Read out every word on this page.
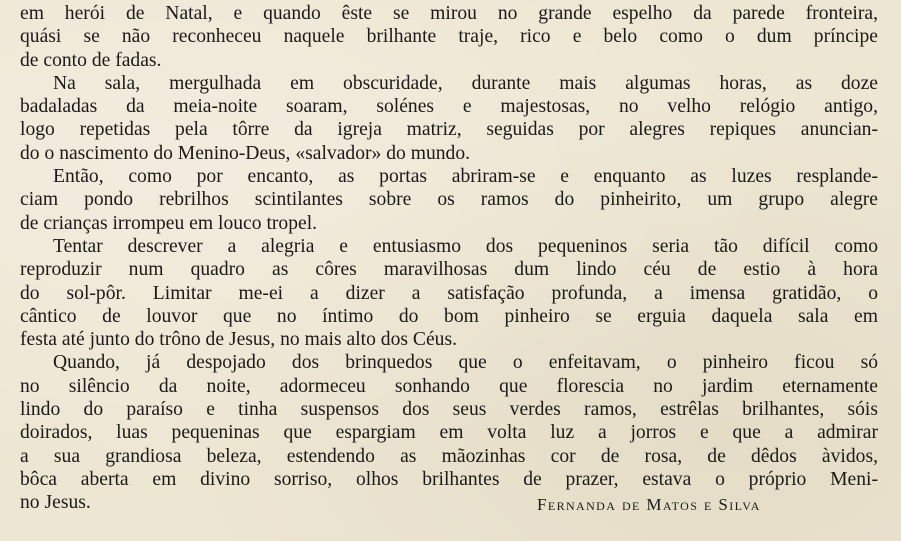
em herói de Natal, e quando êste se mirou no grande espelho da parede fronteira,
quási se não reconheceu naquele brilhante traje, rico e belo como o dum príncipe
de conto de fadas.
Na sala, mergulhada em obscuridade, durante mais algumas horas, as doze
badaladas da meia-noite soaram, solénes e majestosas, no velho relógio antigo,
logo repetidas pela tôrre da igreja matriz, seguidas por alegres repiques anuncian-
do o nascimento do Menino-Deus, «salvador» do mundo.
Então, como por encanto, as portas abriram-se e enquanto as luzes resplande-
ciam pondo rebrilhos scintilantes sobre os ramos do pinheirito, um grupo alegre
de crianças irrompeu em louco tropel.
Tentar descrever a alegria e entusiasmo dos pequeninos seria tão difícil como
reproduzir num quadro as côres maravilhosas dum lindo céu de estio à hora
do sol-pôr. Limitar me-ei a dizer a satisfação profunda, a imensa gratidão, o
cântico de louvor que no íntimo do bom pinheiro se erguia daquela sala em
festa até junto do trôno de Jesus, no mais alto dos Céus.
Quando, já despojado dos brinquedos que o enfeitavam, o pinheiro ficou só
no silêncio da noite, adormeceu sonhando que florescia no jardim eternamente
lindo do paraíso e tinha suspensos dos seus verdes ramos, estrêlas brilhantes, sóis
doirados, luas pequeninas que espargiam em volta luz a jorros e que a admirar
a sua grandiosa beleza, estendendo as mãozinhas cor de rosa, de dêdos àvidos,
bôca aberta em divino sorriso, olhos brilhantes de prazer, estava o próprio Meni-
no Jesus.	Fernanda de Matos e Silva
